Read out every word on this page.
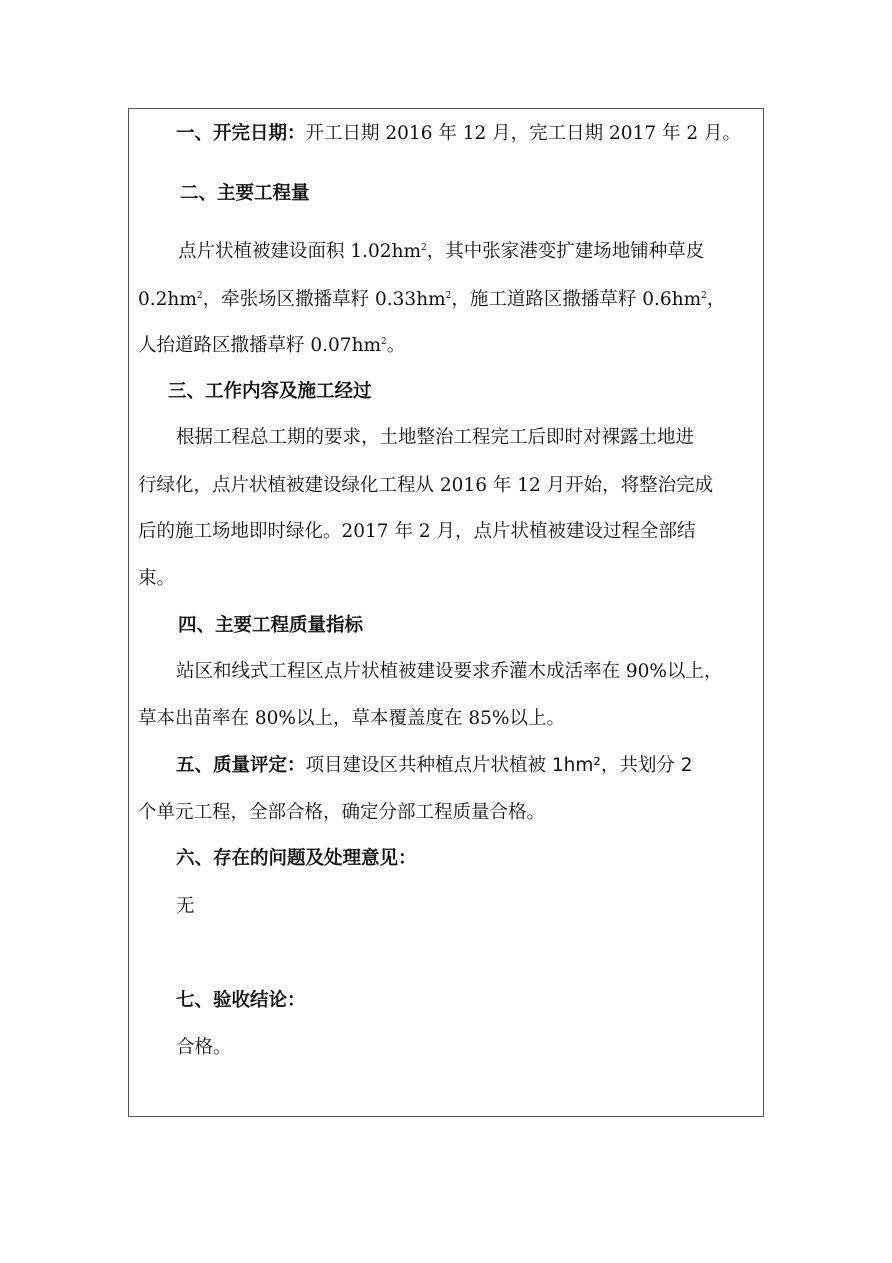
一、开完日期：开工日期 2016 年 12 月，完工日期 2017 年 2 月。
二、主要工程量
点片状植被建设面积 $1.02hm^2$，其中张家港变扩建场地铺种草皮
$0.2hm^2$，牵张场区撒播草籽 $0.33hm^2$，施工道路区撒播草籽 $0.6hm^2$，
人抬道路区撒播草籽 $0.07hm^2$。
三、工作内容及施工经过
根据工程总工期的要求，土地整治工程完工后即时对裸露土地进
行绿化，点片状植被建设绿化工程从 2016 年 12 月开始，将整治完成
后的施工场地即时绿化。2017 年 2 月，点片状植被建设过程全部结
束。
四、主要工程质量指标
站区和线式工程区点片状植被建设要求乔灌木成活率在 90%以上，
草本出苗率在 80%以上，草本覆盖度在 85%以上。
五、质量评定：项目建设区共种植点片状植被 1hm²，共划分 2
个单元工程，全部合格，确定分部工程质量合格。
六、存在的问题及处理意见：
无
七、验收结论：
合格。
